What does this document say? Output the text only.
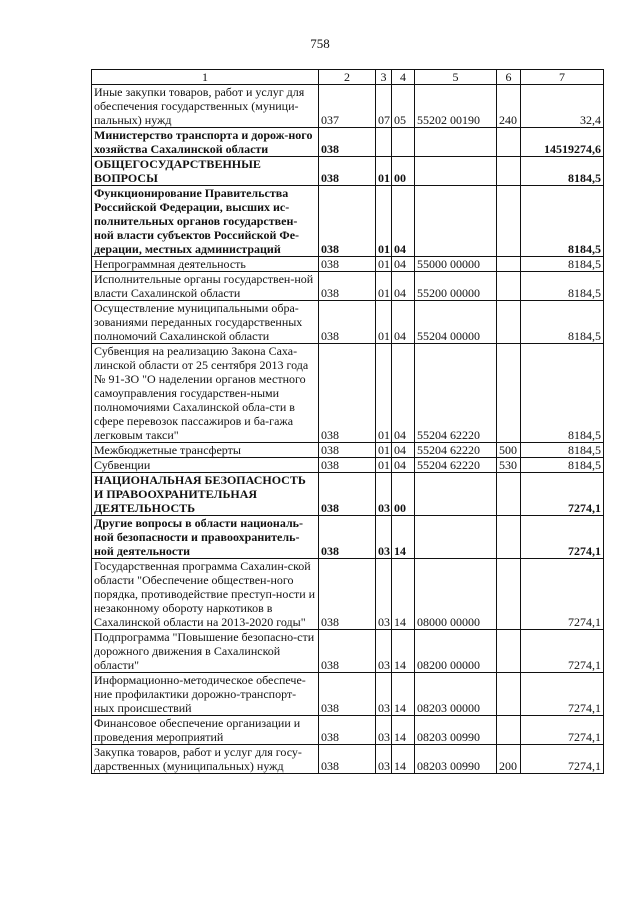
758
1	2	3	4	5	6	7
Иные закупки товаров, работ и услуг для обеспечения государственных (муници-пальных) нужд	037	07	05	55202 00190	240	32,4
Министерство транспорта и дорож-ного хозяйства Сахалинской области	038					14519274,6
ОБЩЕГОСУДАРСТВЕННЫЕ ВОПРОСЫ	038	01	00			8184,5
Функционирование Правительства Российской Федерации, высших ис-полнительных органов государствен-ной власти субъектов Российской Фе-дерации, местных администраций	038	01	04			8184,5
Непрограммная деятельность	038	01	04	55000 00000		8184,5
Исполнительные органы государствен-ной власти Сахалинской области	038	01	04	55200 00000		8184,5
Осуществление муниципальными обра-зованиями переданных государственных полномочий Сахалинской области	038	01	04	55204 00000		8184,5
Субвенция на реализацию Закона Саха-линской области от 25 сентября 2013 года № 91-ЗО "О наделении органов местного самоуправления государствен-ными полномочиями Сахалинской обла-сти в сфере перевозок пассажиров и ба-гажа легковым такси"	038	01	04	55204 62220		8184,5
Межбюджетные трансферты	038	01	04	55204 62220	500	8184,5
Субвенции	038	01	04	55204 62220	530	8184,5
НАЦИОНАЛЬНАЯ БЕЗОПАСНОСТЬ И ПРАВООХРАНИТЕЛЬНАЯ ДЕЯТЕЛЬНОСТЬ	038	03	00			7274,1
Другие вопросы в области националь-ной безопасности и правоохранитель-ной деятельности	038	03	14			7274,1
Государственная программа Сахалин-ской области "Обеспечение обществен-ного порядка, противодействие преступ-ности и незаконному обороту наркотиков в Сахалинской области на 2013-2020 годы"	038	03	14	08000 00000		7274,1
Подпрограмма "Повышение безопасно-сти дорожного движения в Сахалинской области"	038	03	14	08200 00000		7274,1
Информационно-методическое обеспече-ние профилактики дорожно-транспорт-ных происшествий	038	03	14	08203 00000		7274,1
Финансовое обеспечение организации и проведения мероприятий	038	03	14	08203 00990		7274,1
Закупка товаров, работ и услуг для госу-дарственных (муниципальных) нужд	038	03	14	08203 00990	200	7274,1
